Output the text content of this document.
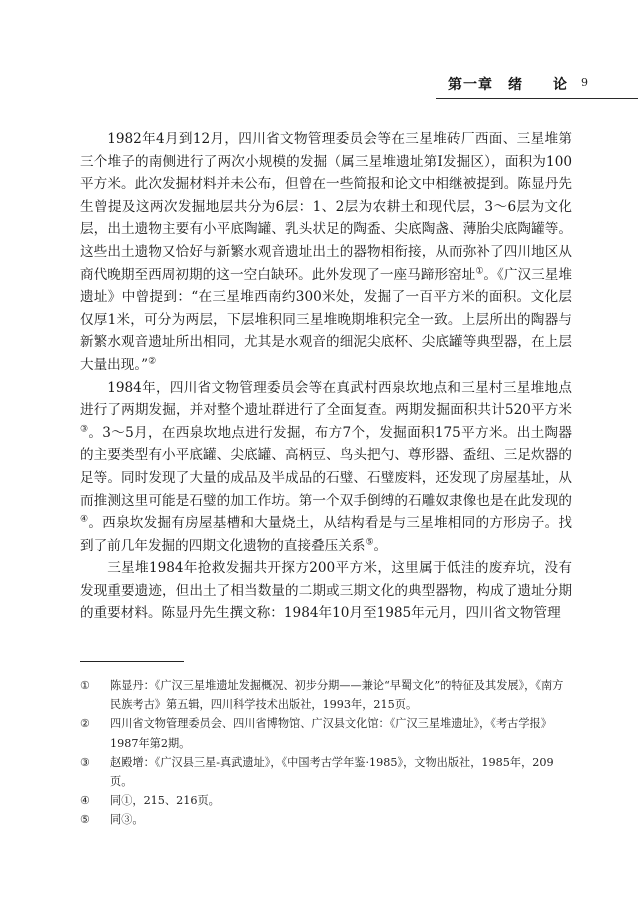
第一章　绪　　论 9

1982年4月到12月，四川省文物管理委员会等在三星堆砖厂西面、三星堆第三个堆子的南侧进行了两次小规模的发掘（属三星堆遗址第Ⅰ发掘区），面积为100平方米。此次发掘材料并未公布，但曾在一些简报和论文中相继被提到。陈显丹先生曾提及这两次发掘地层共分为6层：1、2层为农耕土和现代层，3～6层为文化层，出土遗物主要有小平底陶罐、乳头状足的陶盉、尖底陶盏、薄胎尖底陶罐等。这些出土遗物又恰好与新繁水观音遗址出土的器物相衔接，从而弥补了四川地区从商代晚期至西周初期的这一空白缺环。此外发现了一座马蹄形窑址①。《广汉三星堆遗址》中曾提到：“在三星堆西南约300米处，发掘了一百平方米的面积。文化层仅厚1米，可分为两层，下层堆积同三星堆晚期堆积完全一致。上层所出的陶器与新繁水观音遗址所出相同，尤其是水观音的细泥尖底杯、尖底罐等典型器，在上层大量出现。”②

1984年，四川省文物管理委员会等在真武村西泉坎地点和三星村三星堆地点进行了两期发掘，并对整个遗址群进行了全面复查。两期发掘面积共计520平方米③。3～5月，在西泉坎地点进行发掘，布方7个，发掘面积175平方米。出土陶器的主要类型有小平底罐、尖底罐、高柄豆、鸟头把勺、尊形器、盉纽、三足炊器的足等。同时发现了大量的成品及半成品的石璧、石璧废料，还发现了房屋基址，从而推测这里可能是石璧的加工作坊。第一个双手倒缚的石雕奴隶像也是在此发现的④。西泉坎发掘有房屋基槽和大量烧土，从结构看是与三星堆相同的方形房子。找到了前几年发掘的四期文化遗物的直接叠压关系⑤。

三星堆1984年抢救发掘共开探方200平方米，这里属于低洼的废弃坑，没有发现重要遗迹，但出土了相当数量的二期或三期文化的典型器物，构成了遗址分期的重要材料。陈显丹先生撰文称：1984年10月至1985年元月，四川省文物管理

① 陈显丹：《广汉三星堆遗址发掘概况、初步分期——兼论“早蜀文化”的特征及其发展》，《南方民族考古》第五辑，四川科学技术出版社，1993年，215页。
② 四川省文物管理委员会、四川省博物馆、广汉县文化馆：《广汉三星堆遗址》，《考古学报》1987年第2期。
③ 赵殿增：《广汉县三星-真武遗址》，《中国考古学年鉴·1985》，文物出版社，1985年，209页。
④ 同①，215、216页。
⑤ 同③。
